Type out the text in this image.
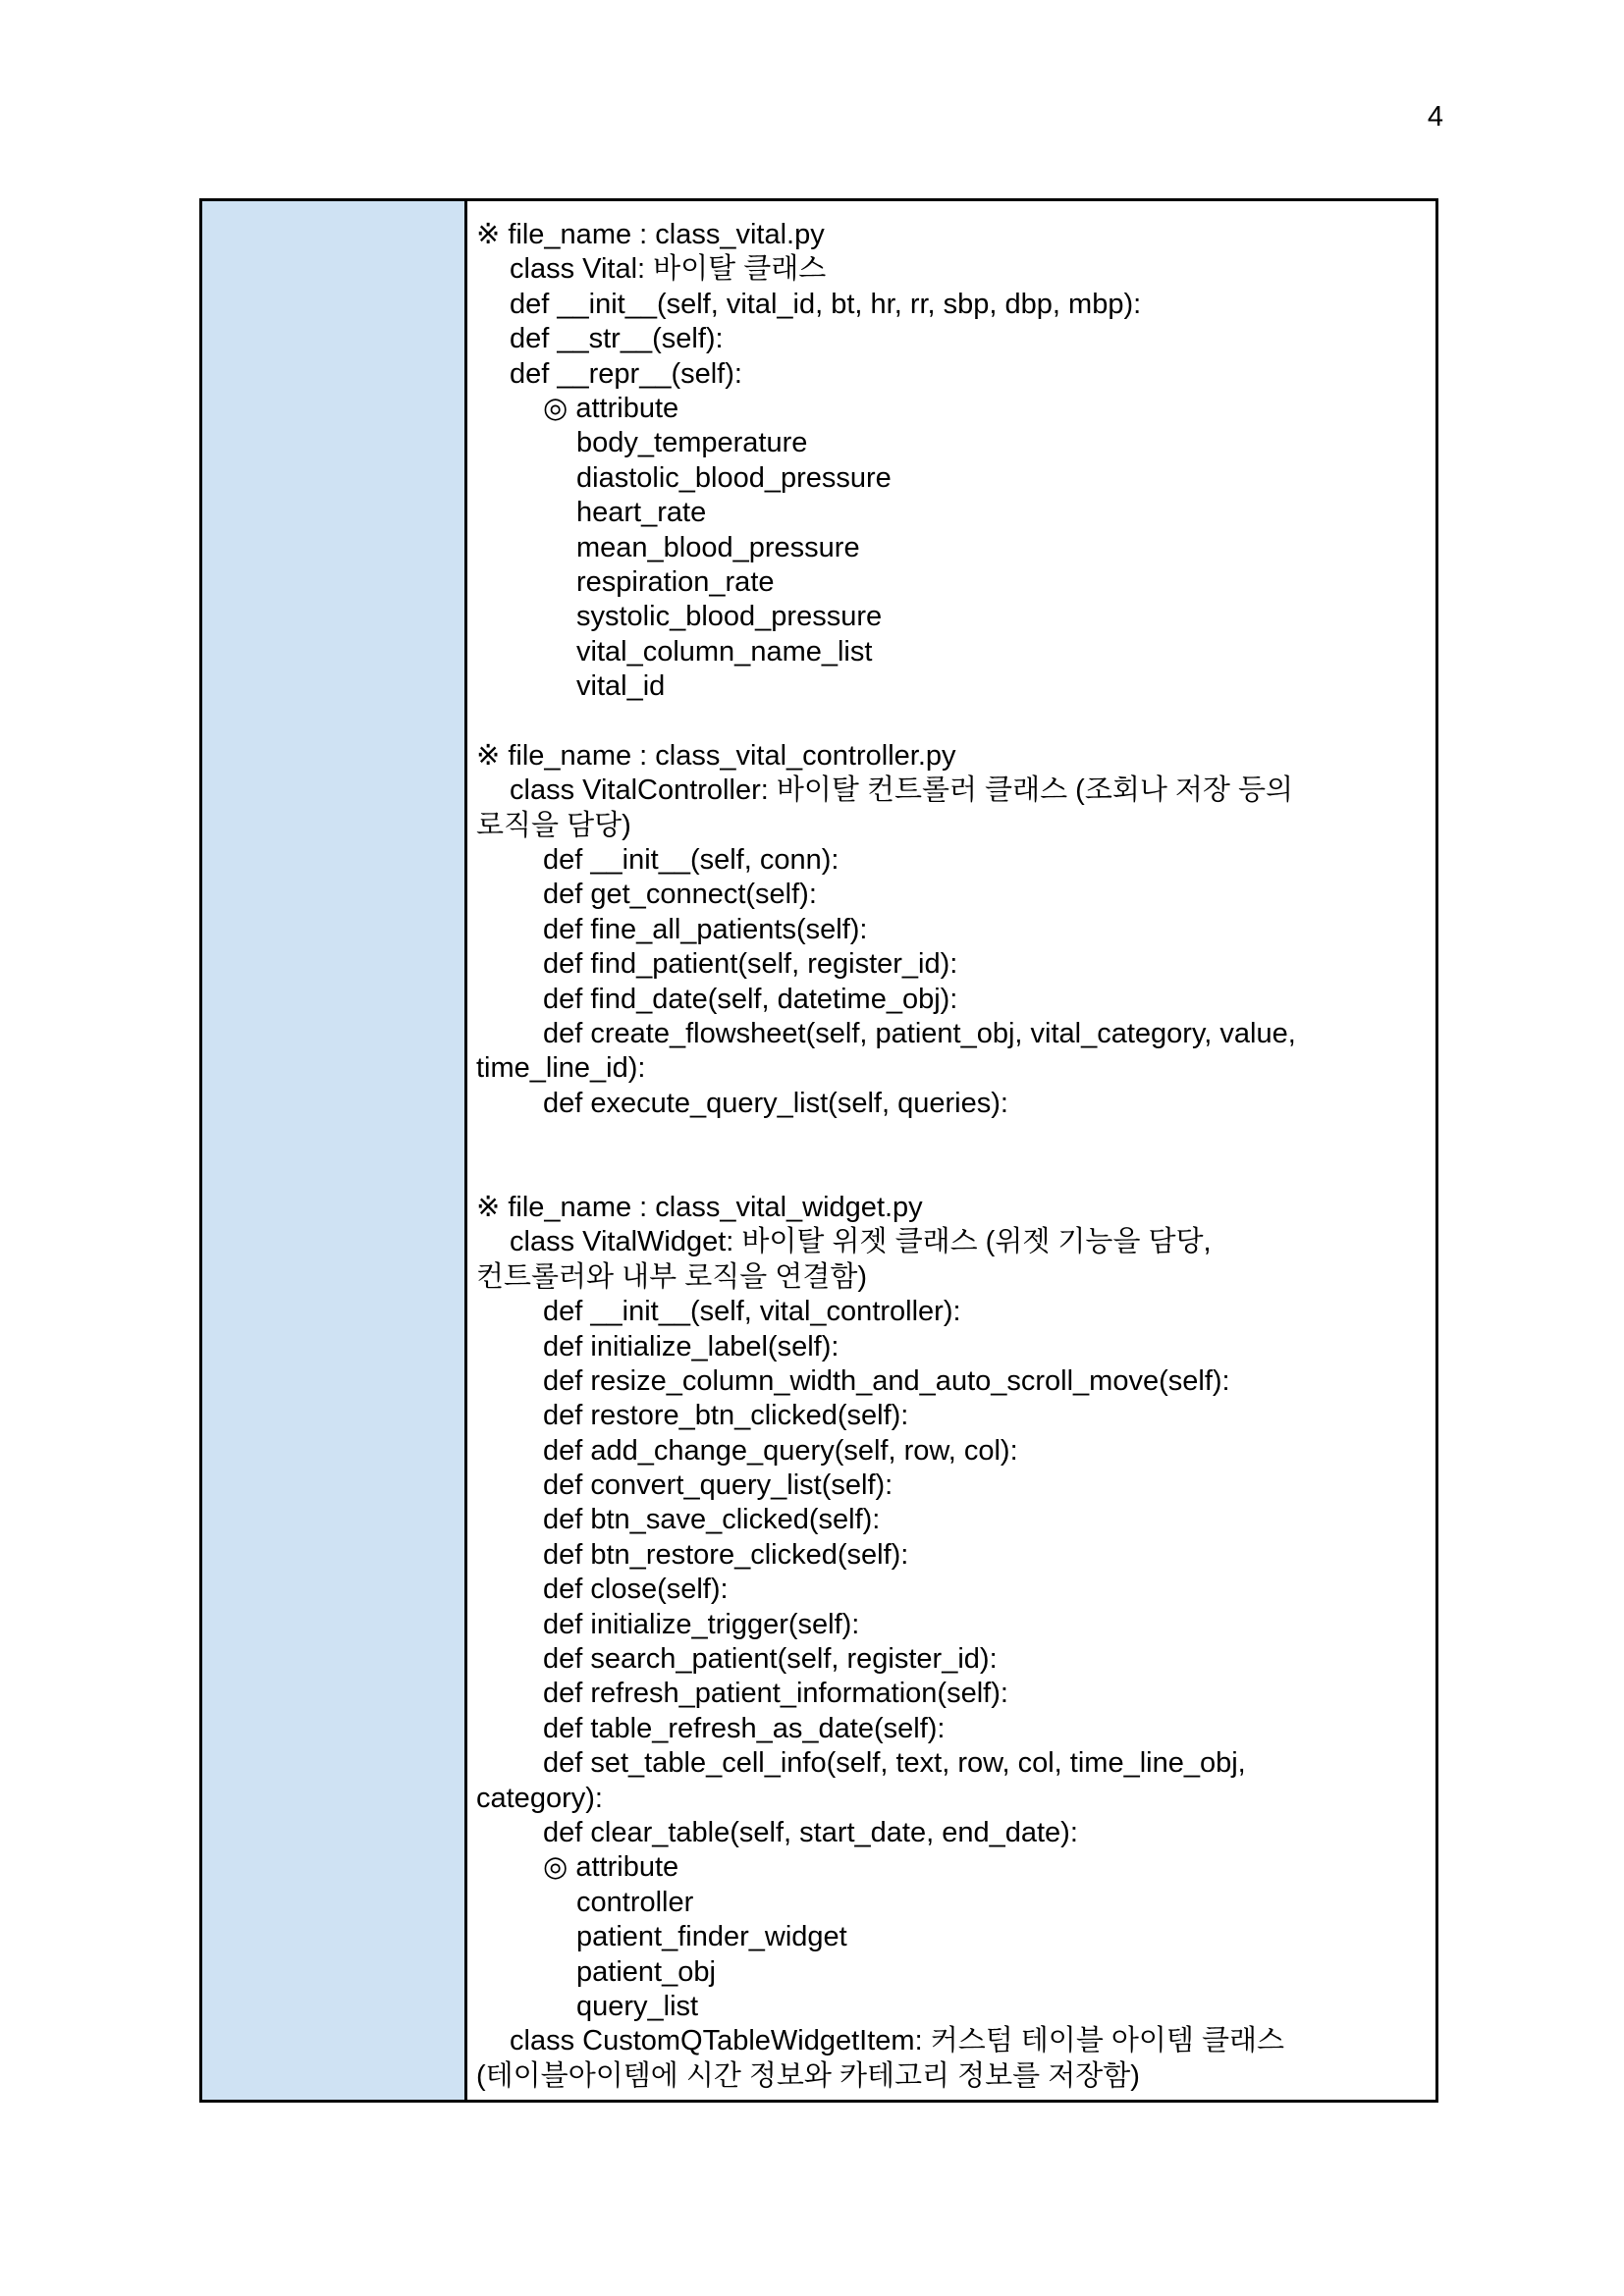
4
※ file_name : class_vital.py
class Vital: 바이탈 클래스
def __init__(self, vital_id, bt, hr, rr, sbp, dbp, mbp):
def __str__(self):
def __repr__(self):
◎ attribute
body_temperature
diastolic_blood_pressure
heart_rate
mean_blood_pressure
respiration_rate
systolic_blood_pressure
vital_column_name_list
vital_id
※ file_name : class_vital_controller.py
class VitalController: 바이탈 컨트롤러 클래스 (조회나 저장 등의
로직을 담당)
def __init__(self, conn):
def get_connect(self):
def fine_all_patients(self):
def find_patient(self, register_id):
def find_date(self, datetime_obj):
def create_flowsheet(self, patient_obj, vital_category, value,
time_line_id):
def execute_query_list(self, queries):
※ file_name : class_vital_widget.py
class VitalWidget: 바이탈 위젯 클래스 (위젯 기능을 담당,
컨트롤러와 내부 로직을 연결함)
def __init__(self, vital_controller):
def initialize_label(self):
def resize_column_width_and_auto_scroll_move(self):
def restore_btn_clicked(self):
def add_change_query(self, row, col):
def convert_query_list(self):
def btn_save_clicked(self):
def btn_restore_clicked(self):
def close(self):
def initialize_trigger(self):
def search_patient(self, register_id):
def refresh_patient_information(self):
def table_refresh_as_date(self):
def set_table_cell_info(self, text, row, col, time_line_obj,
category):
def clear_table(self, start_date, end_date):
◎ attribute
controller
patient_finder_widget
patient_obj
query_list
class CustomQTableWidgetItem: 커스텀 테이블 아이템 클래스
(테이블아이템에 시간 정보와 카테고리 정보를 저장함)
